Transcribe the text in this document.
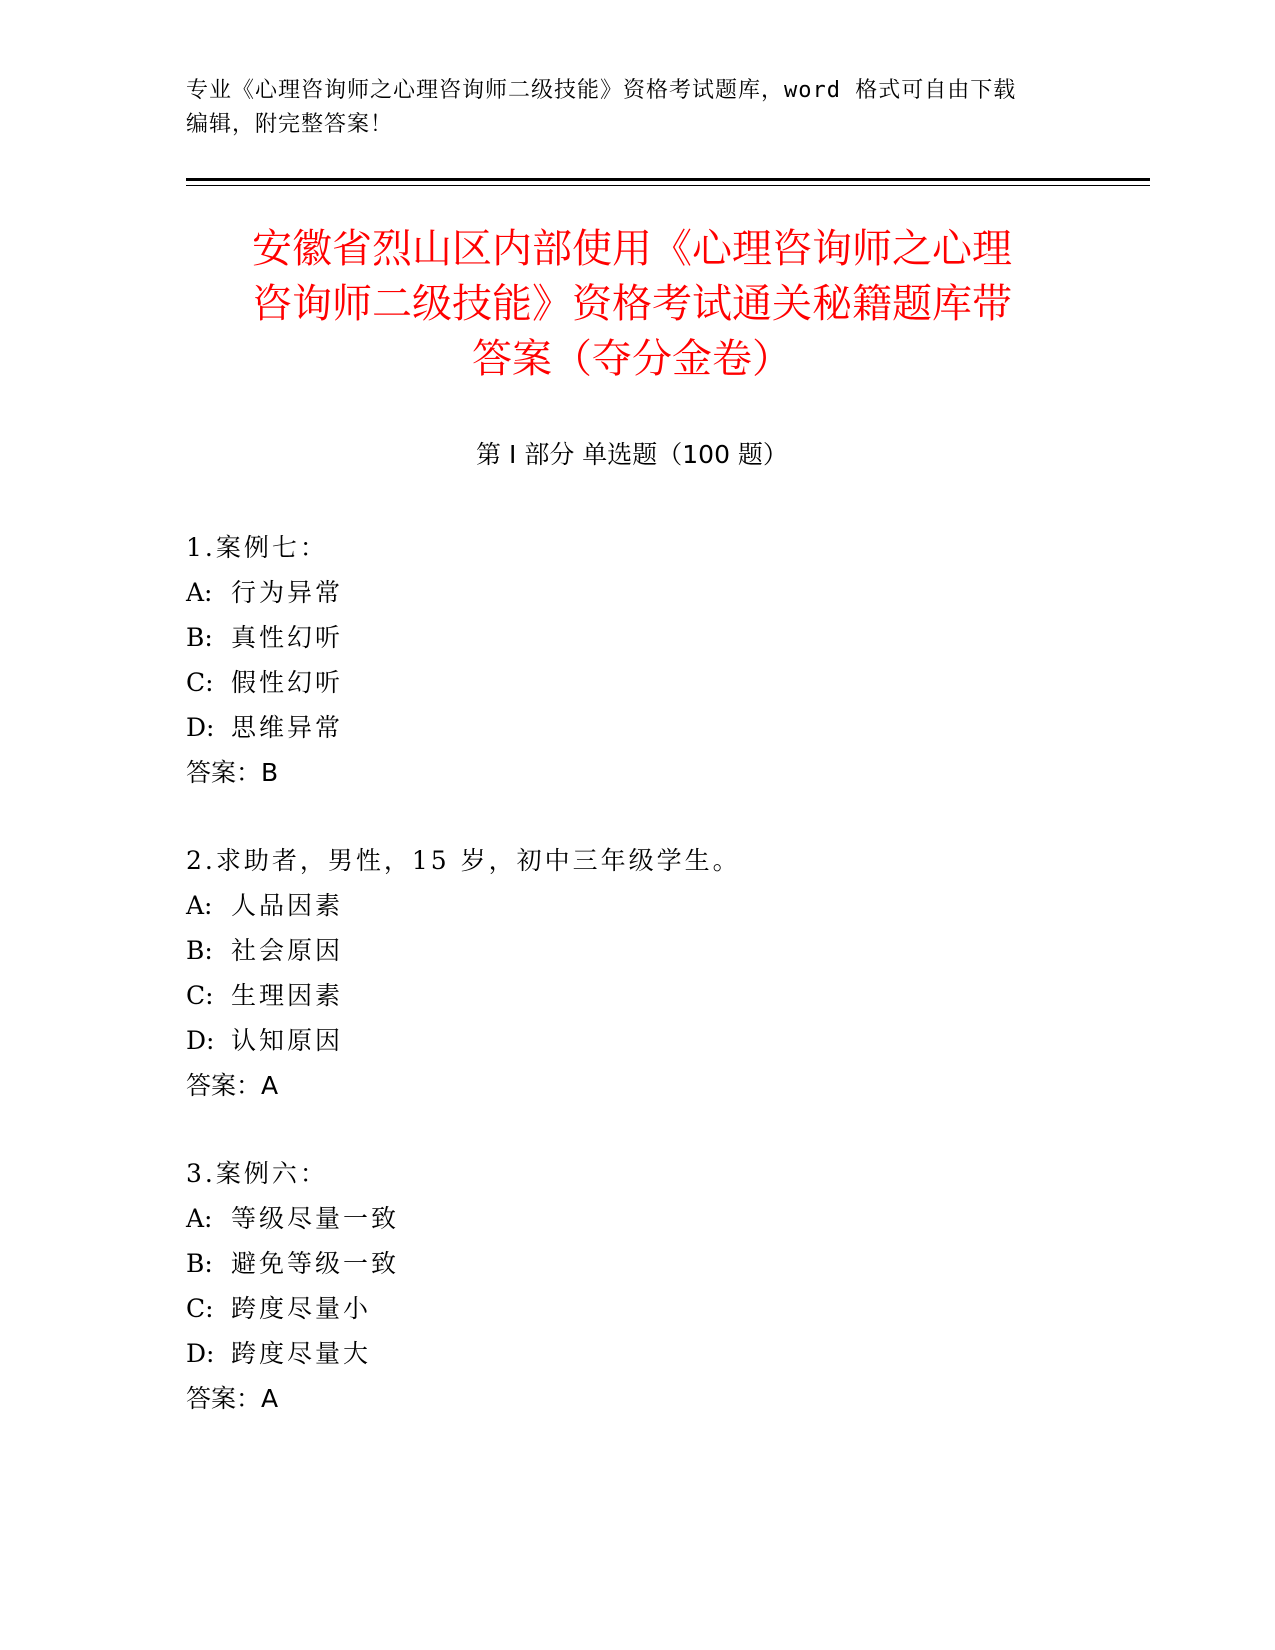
专业《心理咨询师之心理咨询师二级技能》资格考试题库，word 格式可自由下载
编辑，附完整答案！
安徽省烈山区内部使用《心理咨询师之心理
咨询师二级技能》资格考试通关秘籍题库带
答案（夺分金卷）
第 I 部分 单选题（100 题）
1.案例七：
A: 行为异常
B: 真性幻听
C: 假性幻听
D: 思维异常
答案：B
2.求助者，男性，15 岁，初中三年级学生。
A: 人品因素
B: 社会原因
C: 生理因素
D: 认知原因
答案：A
3.案例六：
A: 等级尽量一致
B: 避免等级一致
C: 跨度尽量小
D: 跨度尽量大
答案：A
